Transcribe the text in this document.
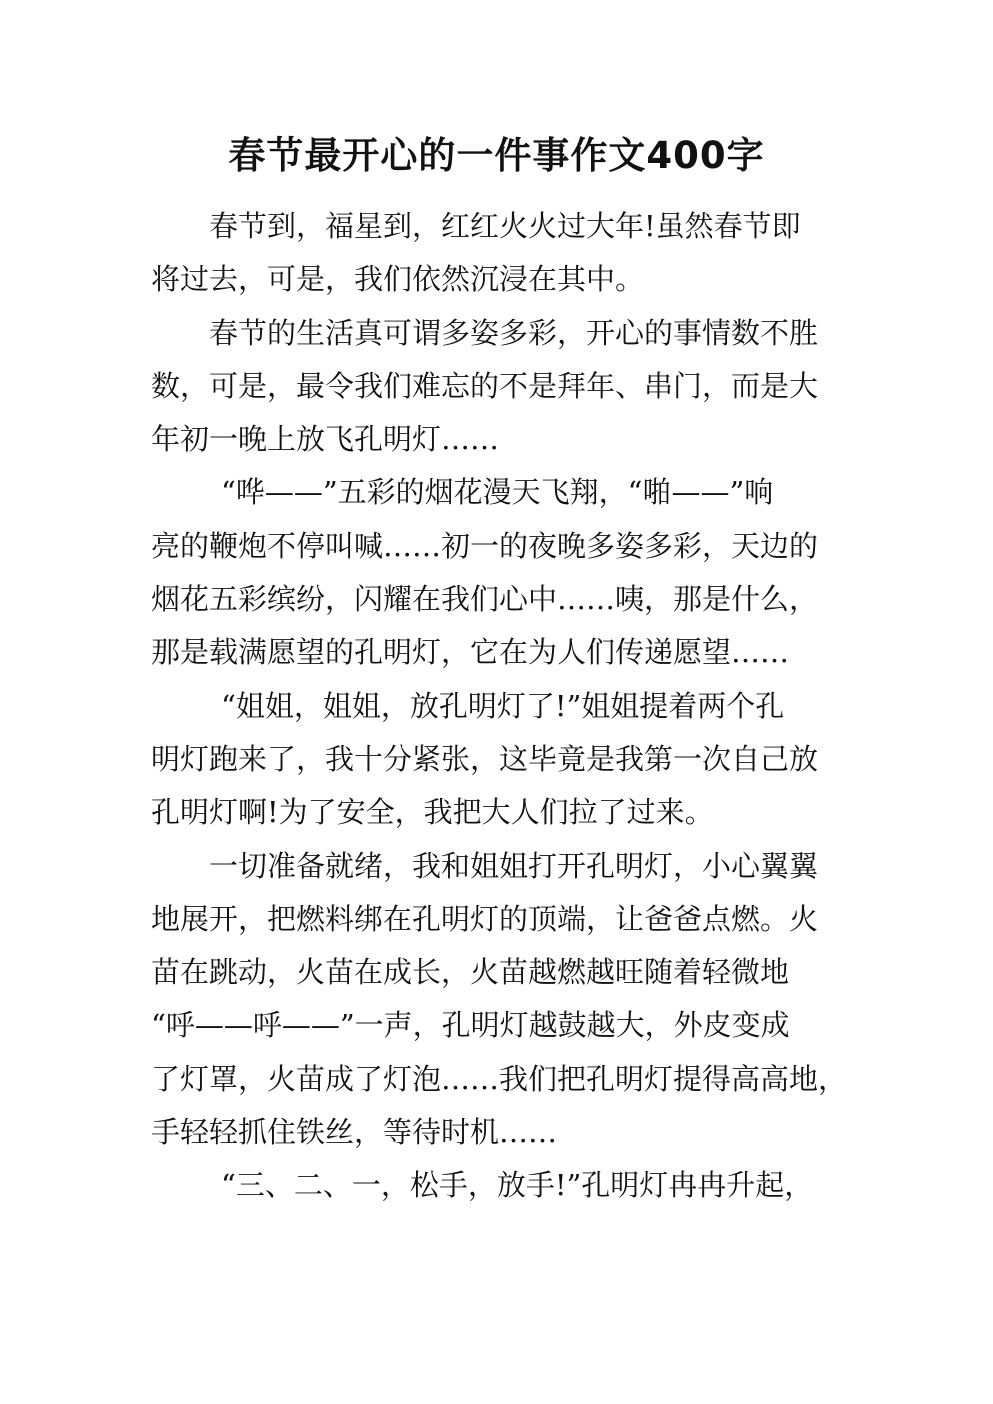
春节最开心的一件事作文400字
春节到，福星到，红红火火过大年!虽然春节即
将过去，可是，我们依然沉浸在其中。
春节的生活真可谓多姿多彩，开心的事情数不胜
数，可是，最令我们难忘的不是拜年、串门，而是大
年初一晚上放飞孔明灯……
“哗——”五彩的烟花漫天飞翔，“啪——”响
亮的鞭炮不停叫喊……初一的夜晚多姿多彩，天边的
烟花五彩缤纷，闪耀在我们心中……咦，那是什么，
那是载满愿望的孔明灯，它在为人们传递愿望……
“姐姐，姐姐，放孔明灯了!”姐姐提着两个孔
明灯跑来了，我十分紧张，这毕竟是我第一次自己放
孔明灯啊!为了安全，我把大人们拉了过来。
一切准备就绪，我和姐姐打开孔明灯，小心翼翼
地展开，把燃料绑在孔明灯的顶端，让爸爸点燃。火
苗在跳动，火苗在成长，火苗越燃越旺随着轻微地
“呼——呼——”一声，孔明灯越鼓越大，外皮变成
了灯罩，火苗成了灯泡……我们把孔明灯提得高高地，
手轻轻抓住铁丝，等待时机……
“三、二、一，松手，放手!”孔明灯冉冉升起，
